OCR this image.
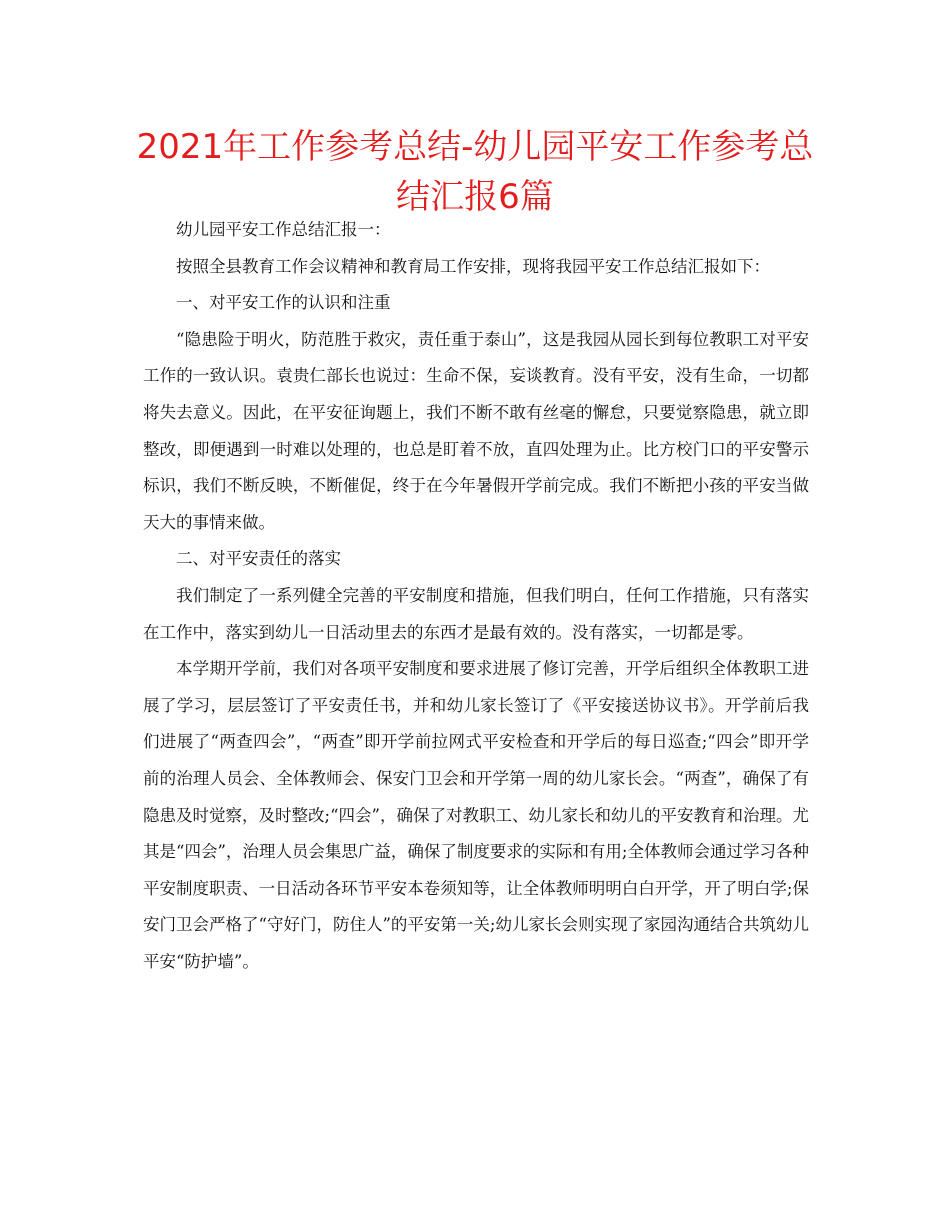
2021年工作参考总结-幼儿园平安工作参考总结汇报6篇

幼儿园平安工作总结汇报一：

按照全县教育工作会议精神和教育局工作安排，现将我园平安工作总结汇报如下：

一、对平安工作的认识和注重

“隐患险于明火，防范胜于救灾，责任重于泰山”，这是我园从园长到每位教职工对平安工作的一致认识。袁贵仁部长也说过：生命不保，妄谈教育。没有平安，没有生命，一切都将失去意义。因此，在平安征询题上，我们不断不敢有丝毫的懈怠，只要觉察隐患，就立即整改，即便遇到一时难以处理的，也总是盯着不放，直四处理为止。比方校门口的平安警示标识，我们不断反映，不断催促，终于在今年暑假开学前完成。我们不断把小孩的平安当做天大的事情来做。

二、对平安责任的落实

我们制定了一系列健全完善的平安制度和措施，但我们明白，任何工作措施，只有落实在工作中，落实到幼儿一日活动里去的东西才是最有效的。没有落实，一切都是零。

本学期开学前，我们对各项平安制度和要求进展了修订完善，开学后组织全体教职工进展了学习，层层签订了平安责任书，并和幼儿家长签订了《平安接送协议书》。开学前后我们进展了“两查四会”，“两查”即开学前拉网式平安检查和开学后的每日巡查;“四会”即开学前的治理人员会、全体教师会、保安门卫会和开学第一周的幼儿家长会。“两查”，确保了有隐患及时觉察，及时整改;“四会”，确保了对教职工、幼儿家长和幼儿的平安教育和治理。尤其是“四会”，治理人员会集思广益，确保了制度要求的实际和有用;全体教师会通过学习各种平安制度职责、一日活动各环节平安本卷须知等，让全体教师明明白白开学，开了明白学;保安门卫会严格了“守好门，防住人”的平安第一关;幼儿家长会则实现了家园沟通结合共筑幼儿平安“防护墙”。
